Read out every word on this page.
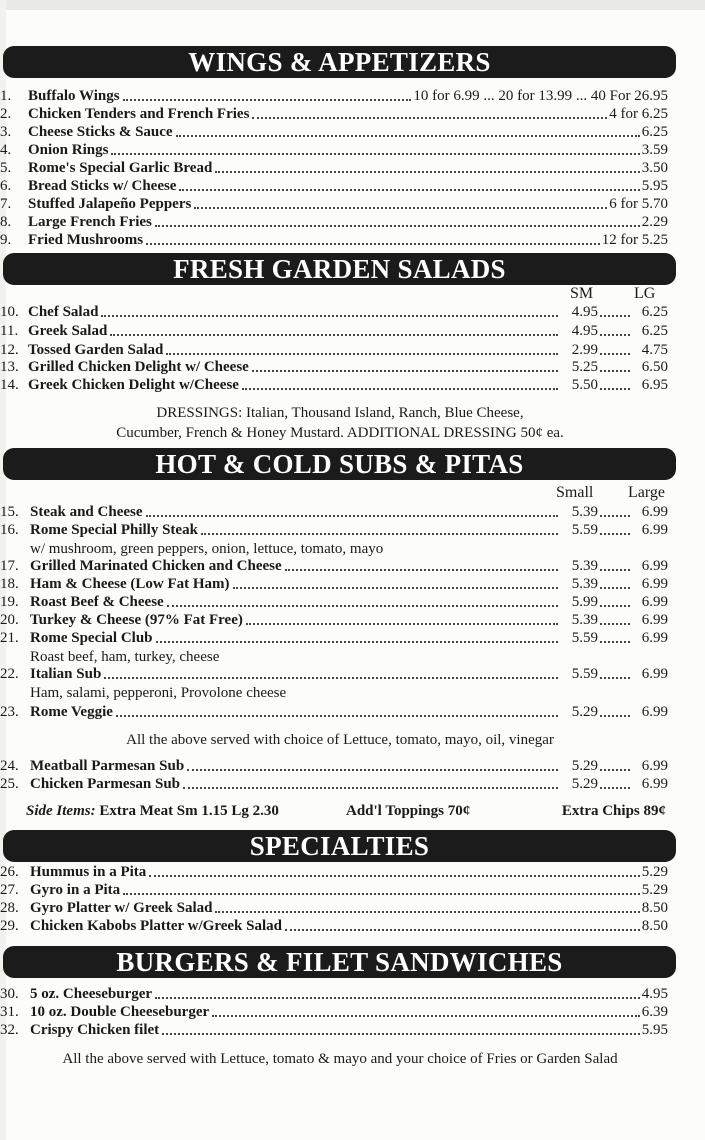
WINGS & APPETIZERS
1.	Buffalo Wings	10 for 6.99 ... 20 for 13.99 ... 40 For 26.95
2.	Chicken Tenders and French Fries	4 for 6.25
3.	Cheese Sticks & Sauce	6.25
4.	Onion Rings	3.59
5.	Rome's Special Garlic Bread	3.50
6.	Bread Sticks w/ Cheese	5.95
7.	Stuffed Jalapeño Peppers	6 for 5.70
8.	Large French Fries	2.29
9.	Fried Mushrooms	12 for 5.25
FRESH GARDEN SALADS
SM	LG
10. Chef Salad	4.95	6.25
11. Greek Salad	4.95	6.25
12. Tossed Garden Salad	2.99	4.75
13. Grilled Chicken Delight w/ Cheese	5.25	6.50
14. Greek Chicken Delight w/Cheese	5.50	6.95
DRESSINGS: Italian, Thousand Island, Ranch, Blue Cheese,
Cucumber, French & Honey Mustard. ADDITIONAL DRESSING 50¢ ea.
HOT & COLD SUBS & PITAS
Small Large
15. Steak and Cheese	5.39	6.99
16. Rome Special Philly Steak	5.59	6.99
w/ mushroom, green peppers, onion, lettuce, tomato, mayo
17. Grilled Marinated Chicken and Cheese	5.39	6.99
18. Ham & Cheese (Low Fat Ham)	5.39	6.99
19. Roast Beef & Cheese	5.99	6.99
20. Turkey & Cheese (97% Fat Free)	5.39	6.99
21. Rome Special Club	5.59	6.99
Roast beef, ham, turkey, cheese
22. Italian Sub	5.59	6.99
Ham, salami, pepperoni, Provolone cheese
23. Rome Veggie	5.29	6.99
24. Meatball Parmesan Sub	5.29	6.99
25. Chicken Parmesan Sub	5.29	6.99
All the above served with choice of Lettuce, tomato, mayo, oil, vinegar
Side Items: Extra Meat Sm 1.15 Lg 2.30	Add'l Toppings 70¢	Extra Chips 89¢
SPECIALTIES
26. Hummus in a Pita	5.29
27. Gyro in a Pita	5.29
28. Gyro Platter w/ Greek Salad	8.50
29. Chicken Kabobs Platter w/Greek Salad	8.50
BURGERS & FILET SANDWICHES
30. 5 oz. Cheeseburger	4.95
31. 10 oz. Double Cheeseburger	6.39
32. Crispy Chicken filet	5.95
All the above served with Lettuce, tomato & mayo and your choice of Fries or Garden Salad
